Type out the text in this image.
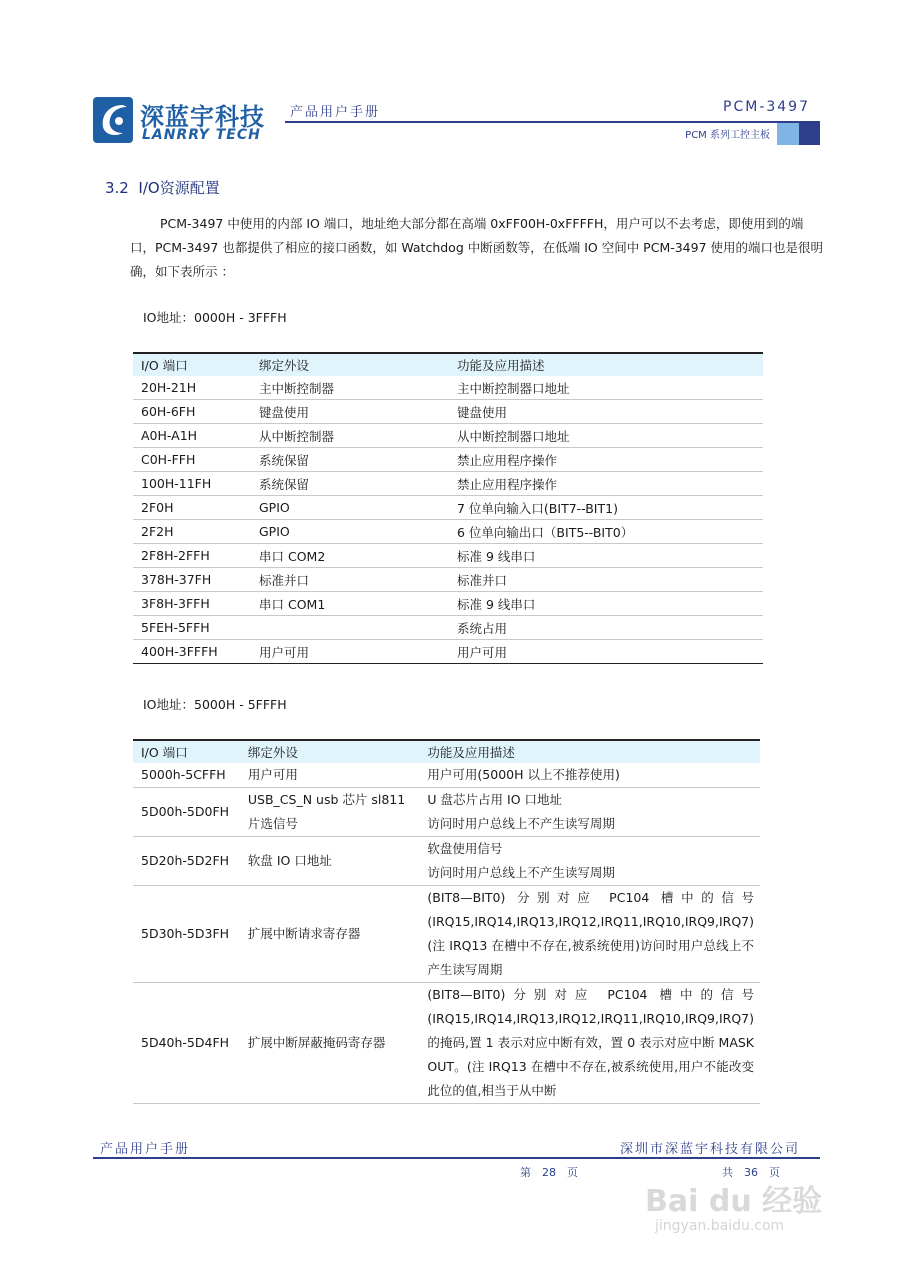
深蓝宇科技
LANRRY TECH
产品用户手册	PCM-3497
PCM 系列工控主板
3.2 I/O资源配置
PCM-3497 中使用的内部 IO 端口，地址绝大部分都在高端 0xFF00H-0xFFFFH，用户可以不去考虑，即使用到的端口，PCM-3497 也都提供了相应的接口函数，如 Watchdog 中断函数等，在低端 IO 空间中 PCM-3497 使用的端口也是很明确，如下表所示 ：
IO地址：0000H - 3FFFH
I/O 端口	绑定外设	功能及应用描述
20H-21H	主中断控制器	主中断控制器口地址
60H-6FH	键盘使用	键盘使用
A0H-A1H	从中断控制器	从中断控制器口地址
C0H-FFH	系统保留	禁止应用程序操作
100H-11FH	系统保留	禁止应用程序操作
2F0H	GPIO	7 位单向输入口(BIT7--BIT1)
2F2H	GPIO	6 位单向输出口（BIT5--BIT0）
2F8H-2FFH	串口 COM2	标准 9 线串口
378H-37FH	标准并口	标准并口
3F8H-3FFH	串口 COM1	标准 9 线串口
5FEH-5FFH		系统占用
400H-3FFFH	用户可用	用户可用
IO地址：5000H - 5FFFH
I/O 端口	绑定外设	功能及应用描述
5000h-5CFFH	用户可用	用户可用(5000H 以上不推荐使用)
5D00h-5D0FH	USB_CS_N usb 芯片 sl811 片选信号	U 盘芯片占用 IO 口地址
访问时用户总线上不产生读写周期
5D20h-5D2FH	软盘 IO 口地址	软盘使用信号
访问时用户总线上不产生读写周期
5D30h-5D3FH	扩展中断请求寄存器	(BIT8—BIT0) 分别对应 PC104 槽中的信号(IRQ15,IRQ14,IRQ13,IRQ12,IRQ11,IRQ10,IRQ9,IRQ7) (注 IRQ13 在槽中不存在,被系统使用)访问时用户总线上不产生读写周期
5D40h-5D4FH	扩展中断屏蔽掩码寄存器	(BIT8—BIT0)分别对应 PC104 槽中的信号(IRQ15,IRQ14,IRQ13,IRQ12,IRQ11,IRQ10,IRQ9,IRQ7)的掩码,置 1 表示对应中断有效，置 0 表示对应中断 MASK OUT。(注 IRQ13 在槽中不存在,被系统使用,用户不能改变此位的值,相当于从中断
产品用户手册	深圳市深蓝宇科技有限公司
第　28　页	共　36　页
Bai du 经验
jingyan.baidu.com
